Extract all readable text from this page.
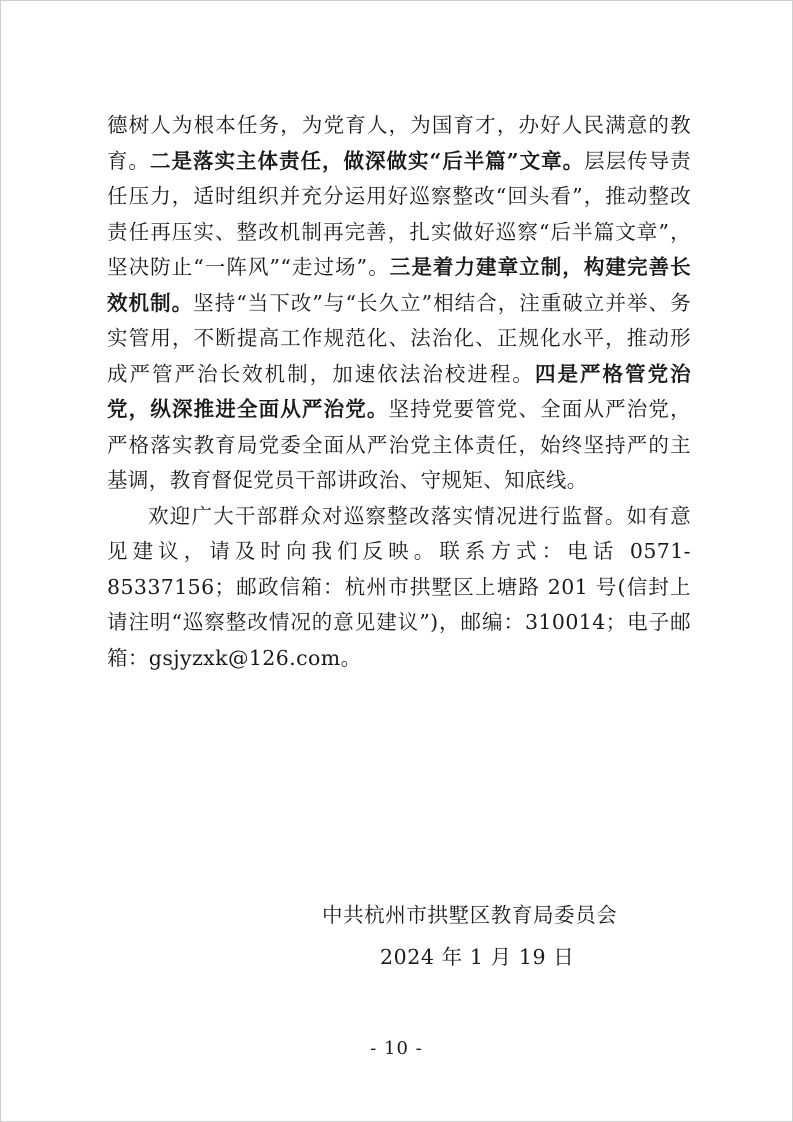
德树人为根本任务，为党育人，为国育才，办好人民满意的教育。二是落实主体责任，做深做实“后半篇”文章。层层传导责任压力，适时组织并充分运用好巡察整改“回头看”，推动整改责任再压实、整改机制再完善，扎实做好巡察“后半篇文章”，坚决防止“一阵风”“走过场”。三是着力建章立制，构建完善长效机制。坚持“当下改”与“长久立”相结合，注重破立并举、务实管用，不断提高工作规范化、法治化、正规化水平，推动形成严管严治长效机制，加速依法治校进程。四是严格管党治党，纵深推进全面从严治党。坚持党要管党、全面从严治党，严格落实教育局党委全面从严治党主体责任，始终坚持严的主基调，教育督促党员干部讲政治、守规矩、知底线。

欢迎广大干部群众对巡察整改落实情况进行监督。如有意见建议，请及时向我们反映。联系方式：电话 0571-85337156；邮政信箱：杭州市拱墅区上塘路 201 号(信封上请注明“巡察整改情况的意见建议”)，邮编：310014；电子邮箱：gsjyzxk@126.com。

中共杭州市拱墅区教育局委员会
2024 年 1 月 19 日
- 10 -
